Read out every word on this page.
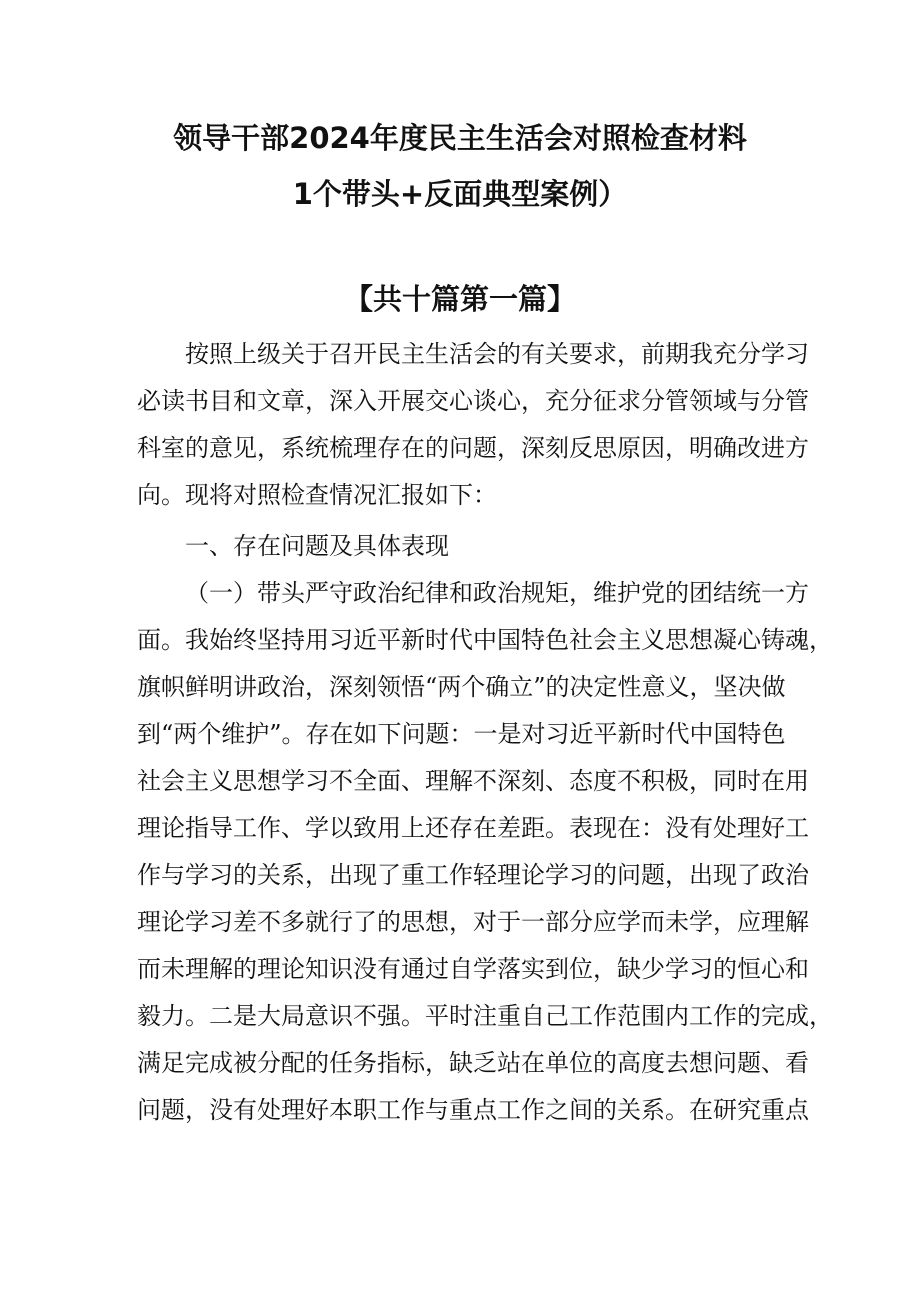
领导干部2024年度民主生活会对照检查材料
1个带头+反面典型案例）
【共十篇第一篇】
按照上级关于召开民主生活会的有关要求，前期我充分学习
必读书目和文章，深入开展交心谈心，充分征求分管领域与分管
科室的意见，系统梳理存在的问题，深刻反思原因，明确改进方
向。现将对照检查情况汇报如下：
一、存在问题及具体表现
（一）带头严守政治纪律和政治规矩，维护党的团结统一方
面。我始终坚持用习近平新时代中国特色社会主义思想凝心铸魂，
旗帜鲜明讲政治，深刻领悟“两个确立”的决定性意义，坚决做
到“两个维护”。存在如下问题：一是对习近平新时代中国特色
社会主义思想学习不全面、理解不深刻、态度不积极，同时在用
理论指导工作、学以致用上还存在差距。表现在：没有处理好工
作与学习的关系，出现了重工作轻理论学习的问题，出现了政治
理论学习差不多就行了的思想，对于一部分应学而未学，应理解
而未理解的理论知识没有通过自学落实到位，缺少学习的恒心和
毅力。二是大局意识不强。平时注重自己工作范围内工作的完成，
满足完成被分配的任务指标，缺乏站在单位的高度去想问题、看
问题，没有处理好本职工作与重点工作之间的关系。在研究重点
